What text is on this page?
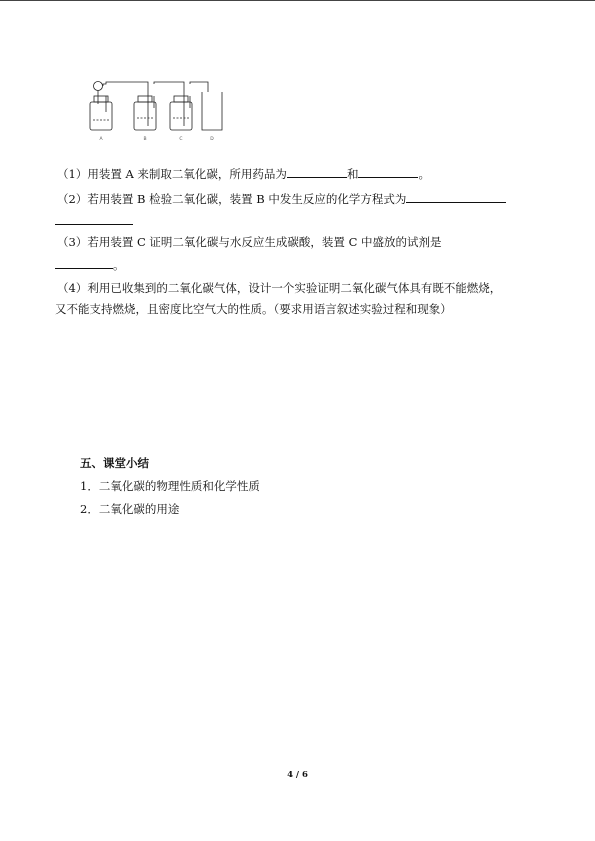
A	B	C	D
（1）用装置 A 来制取二氧化碳，所用药品为	和	。
（2）若用装置 B 检验二氧化碳，装置 B 中发生反应的化学方程式为
（3）若用装置 C 证明二氧化碳与水反应生成碳酸，装置 C 中盛放的试剂是
。
（4）利用已收集到的二氧化碳气体，设计一个实验证明二氧化碳气体具有既不能燃烧，
又不能支持燃烧，且密度比空气大的性质。（要求用语言叙述实验过程和现象）
五、课堂小结
1．二氧化碳的物理性质和化学性质
2．二氧化碳的用途
4 / 6
